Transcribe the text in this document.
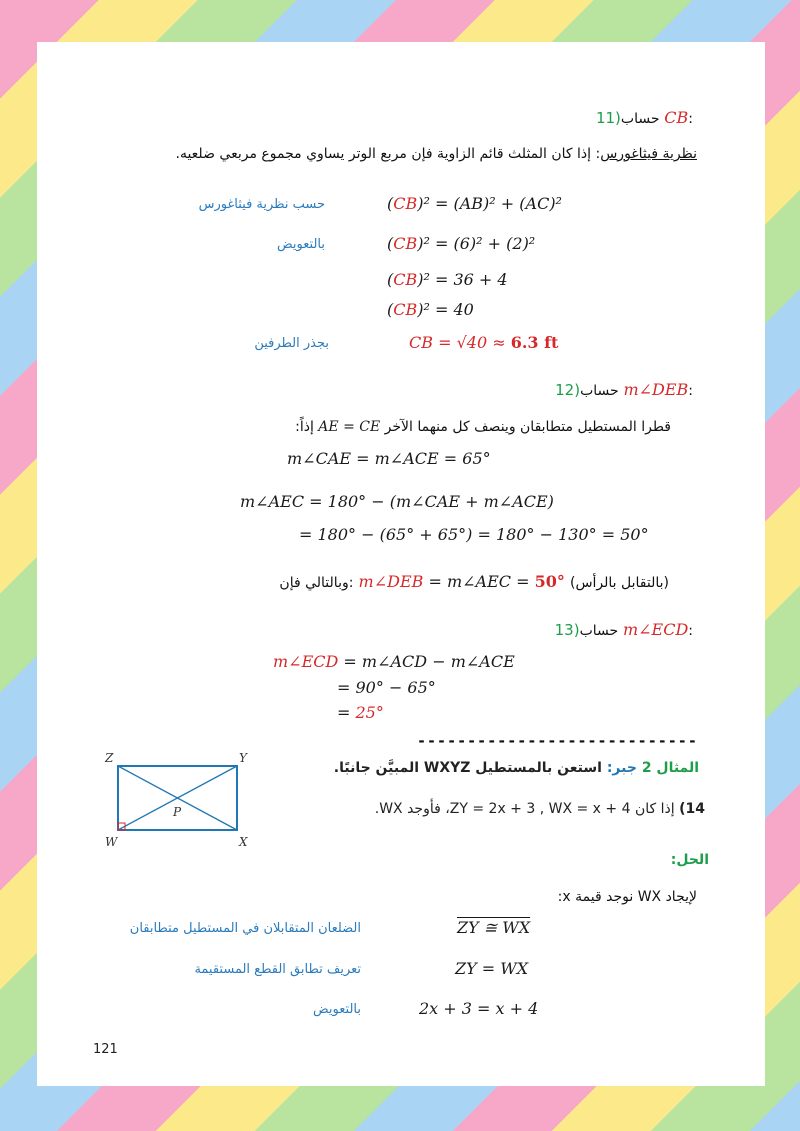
11)حساب CB:
نظرية فيثاغورس: إذا كان المثلث قائم الزاوية فإن مربع الوتر يساوي مجموع مربعي ضلعيه.
(CB)² = (AB)² + (AC)²
حسب نظرية فيثاغورس
(CB)² = (6)² + (2)²
بالتعويض
(CB)² = 36 + 4
(CB)² = 40
CB = √40 ≈ 6.3 ft
بجذر الطرفين
12)حساب m∠DEB:
قطرا المستطيل متطابقان وينصف كل منهما الآخر AE = CE إذاً:
m∠CAE = m∠ACE = 65°
m∠AEC = 180° − (m∠CAE + m∠ACE)
= 180° − (65° + 65°) = 180° − 130° = 50°
وبالتالي فإن: m∠DEB = m∠AEC = 50° (بالتقابل بالرأس)
13)حساب m∠ECD:
m∠ECD = m∠ACD − m∠ACE
= 90° − 65°
= 25°
----------------------------
Z	Y
W	X
P
المثال 2 جبر: استعن بالمستطيل WXYZ المبيَّن جانبًا.
14) إذا كان ZY = 2x + 3 , WX = x + 4، فأوجد WX.
الحل:
لإيجاد WX نوجد قيمة x:
ZY ≅ WX
الضلعان المتقابلان في المستطيل متطابقان
ZY = WX
تعريف تطابق القطع المستقيمة
2x + 3 = x + 4
بالتعويض
121
